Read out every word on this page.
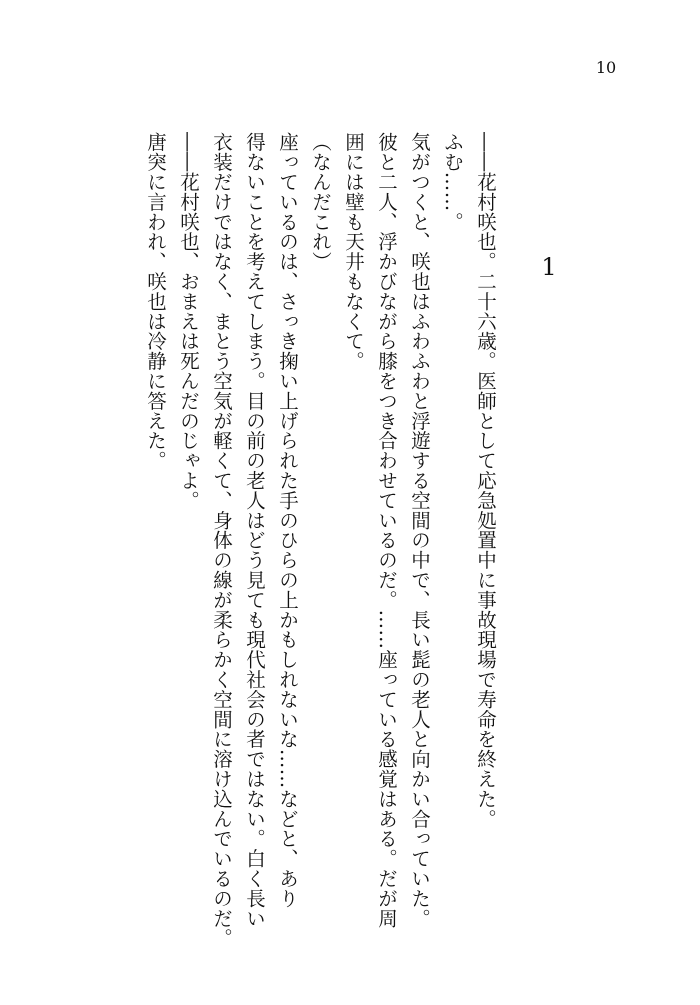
10
1
――花村咲也。二十六歳。医師として応急処置中に事故現場で寿命を終えた。
ふむ……。
気がつくと、咲也はふわふわと浮遊する空間の中で、長い髭の老人と向かい合っていた。
彼と二人、浮かびながら膝をつき合わせているのだ。……座っている感覚はある。だが周
囲には壁も天井もなくて。
（なんだこれ）
座っているのは、さっき掬い上げられた手のひらの上かもしれないな……などと、あり
得ないことを考えてしまう。目の前の老人はどう見ても現代社会の者ではない。白く長い
衣装だけではなく、まとう空気が軽くて、身体の線が柔らかく空間に溶け込んでいるのだ。
――花村咲也、おまえは死んだのじゃよ。
唐突に言われ、咲也は冷静に答えた。
